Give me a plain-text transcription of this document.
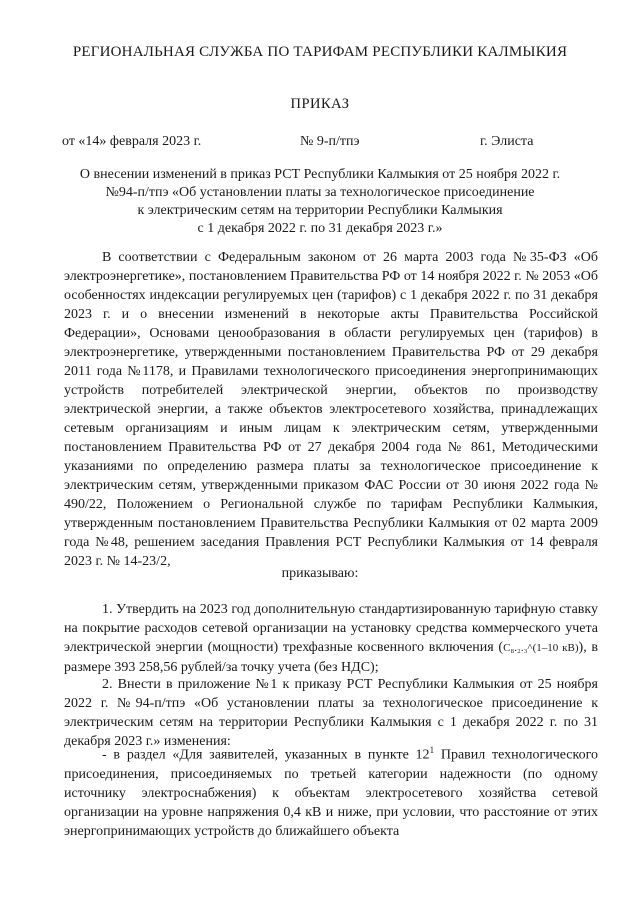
РЕГИОНАЛЬНАЯ СЛУЖБА ПО ТАРИФАМ РЕСПУБЛИКИ КАЛМЫКИЯ
ПРИКАЗ
от «14» февраля 2023 г.	№ 9-п/тпэ	г. Элиста
О внесении изменений в приказ РСТ Республики Калмыкия от 25 ноября 2022 г.
№94-п/тпэ «Об установлении платы за технологическое присоединение
к электрическим сетям на территории Республики Калмыкия
с 1 декабря 2022 г. по 31 декабря 2023 г.»
В соответствии с Федеральным законом от 26 марта 2003 года №35-ФЗ «Об электроэнергетике», постановлением Правительства РФ от 14 ноября 2022 г. № 2053 «Об особенностях индексации регулируемых цен (тарифов) с 1 декабря 2022 г. по 31 декабря 2023 г. и о внесении изменений в некоторые акты Правительства Российской Федерации», Основами ценообразования в области регулируемых цен (тарифов) в электроэнергетике, утвержденными постановлением Правительства РФ от 29 декабря 2011 года №1178, и Правилами технологического присоединения энергопринимающих устройств потребителей электрической энергии, объектов по производству электрической энергии, а также объектов электросетевого хозяйства, принадлежащих сетевым организациям и иным лицам к электрическим сетям, утвержденными постановлением Правительства РФ от 27 декабря 2004 года № 861, Методическими указаниями по определению размера платы за технологическое присоединение к электрическим сетям, утвержденными приказом ФАС России от 30 июня 2022 года № 490/22, Положением о Региональной службе по тарифам Республики Калмыкия, утвержденным постановлением Правительства Республики Калмыкия от 02 марта 2009 года №48, решением заседания Правления РСТ Республики Калмыкия от 14 февраля 2023 г. № 14-23/2,
приказываю:
1. Утвердить на 2023 год дополнительную стандартизированную тарифную ставку на покрытие расходов сетевой организации на установку средства коммерческого учета электрической энергии (мощности) трехфазные косвенного включения (C₈.₂.₃^(1–10 кВ)), в размере 393 258,56 рублей/за точку учета (без НДС);
2. Внести в приложение №1 к приказу РСТ Республики Калмыкия от 25 ноября 2022 г. №94-п/тпэ «Об установлении платы за технологическое присоединение к электрическим сетям на территории Республики Калмыкия с 1 декабря 2022 г. по 31 декабря 2023 г.» изменения:
- в раздел «Для заявителей, указанных в пункте $12^1$ Правил технологического присоединения, присоединяемых по третьей категории надежности (по одному источнику электроснабжения) к объектам электросетевого хозяйства сетевой организации на уровне напряжения 0,4 кВ и ниже, при условии, что расстояние от этих энергопринимающих устройств до ближайшего объекта
